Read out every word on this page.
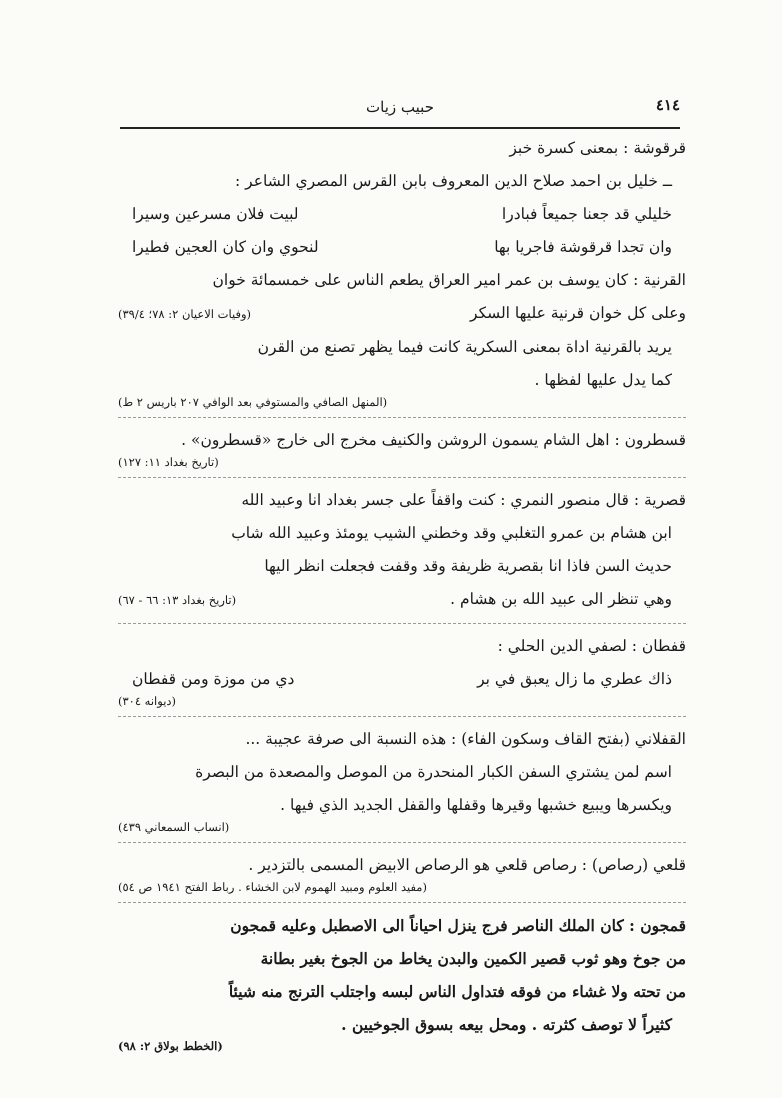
٤١٤
حبيب زيات
قرقوشة : بمعنى كسرة خبز
ــ خليل بن احمد صلاح الدين المعروف بابن القرس المصري الشاعر :
خليلي قد جعنا جميعاً فبادرا
لبيت فلان مسرعين وسيرا
وان تجدا قرقوشة فاجريا بها
لنحوي وان كان العجين فطيرا
القرنية : كان يوسف بن عمر امير العراق يطعم الناس على خمسمائة خوان
وعلى كل خوان قرنية عليها السكر
(وفيات الاعيان ٢: ٧٨؛ ٣٩/٤)
يريد بالقرنية اداة بمعنى السكرية كانت فيما يظهر تصنع من القرن
كما يدل عليها لفظها .
(المنهل الصافي والمستوفي بعد الوافي ٢٠٧ باريس ٢ ط)
قسطرون : اهل الشام يسمون الروشن والكنيف مخرج الى خارج «قسطرون» .
(تاريخ بغداد ١١: ١٢٧)
قصرية : قال منصور النمري : كنت واقفاً على جسر بغداد انا وعبيد الله
ابن هشام بن عمرو التغلبي وقد وخطني الشيب يومئذ وعبيد الله شاب
حديث السن فاذا انا بقصرية ظريفة وقد وقفت فجعلت انظر اليها
وهي تنظر الى عبيد الله بن هشام .
(تاريخ بغداد ١٣: ٦٦ - ٦٧)
قفطان : لصفي الدين الحلي :
ذاك عطري ما زال يعبق في بر
دي من موزة ومن قفطان
(ديوانه ٣٠٤)
القفلاني (بفتح القاف وسكون الفاء) : هذه النسبة الى صرفة عجيبة ...
اسم لمن يشتري السفن الكبار المنحدرة من الموصل والمصعدة من البصرة
ويكسرها ويبيع خشبها وقيرها وقفلها والقفل الجديد الذي فيها .
(انساب السمعاني ٤٣٩)
قلعي (رصاص) : رصاص قلعي هو الرصاص الابيض المسمى بالتزدير .
(مفيد العلوم ومبيد الهموم لابن الخشاء . رباط الفتح ١٩٤١ ص ٥٤)
قمجون : كان الملك الناصر فرج ينزل احياناً الى الاصطبل وعليه قمجون
من جوخ وهو ثوب قصير الكمين والبدن يخاط من الجوخ بغير بطانة
من تحته ولا غشاء من فوقه فتداول الناس لبسه واجتلب الترنج منه شيئاً
كثيراً لا توصف كثرته . ومحل بيعه بسوق الجوخيين .
(الخطط بولاق ٢: ٩٨)
